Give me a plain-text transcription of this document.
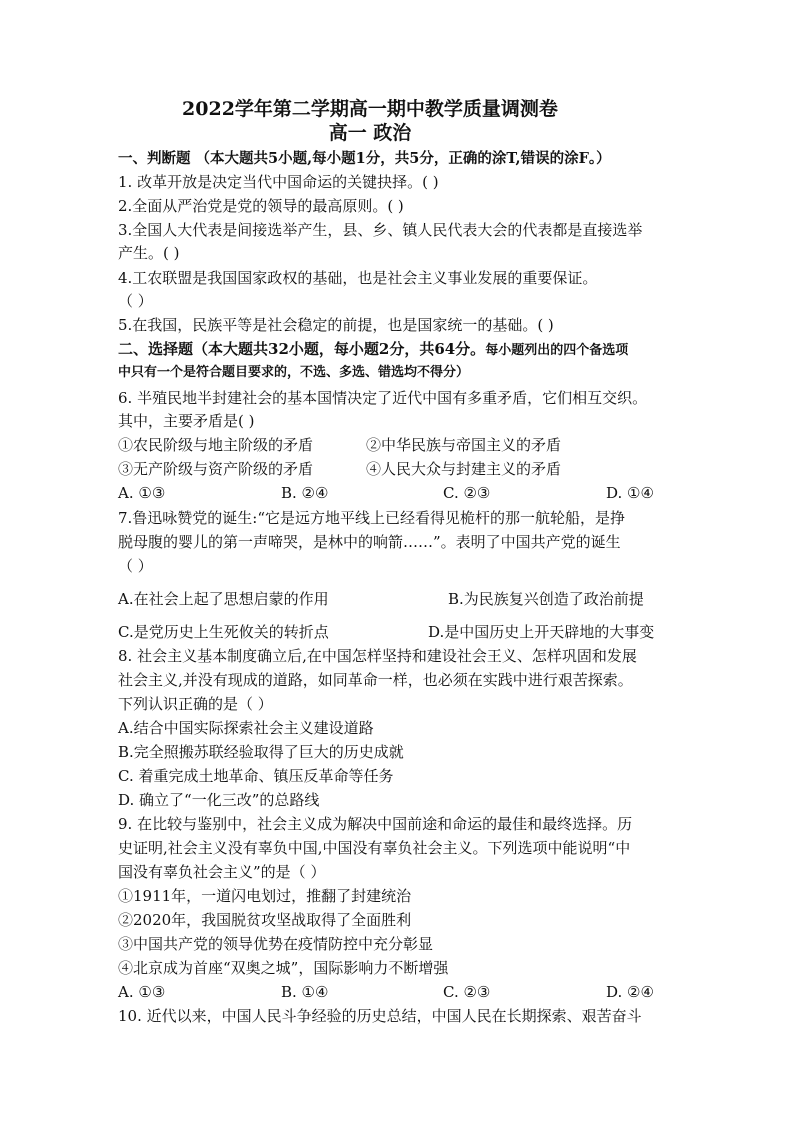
2022学年第二学期高一期中教学质量调测卷
高一 政治
一、判断题 （本大题共5小题,每小题1分，共5分，正确的涂T,错误的涂F。）
1. 改革开放是决定当代中国命运的关键抉择。( )
2.全面从严治党是党的领导的最高原则。( )
3.全国人大代表是间接选举产生，县、乡、镇人民代表大会的代表都是直接选举
产生。( )
4.工农联盟是我国国家政权的基础，也是社会主义事业发展的重要保证。
（ ）
5.在我国，民族平等是社会稳定的前提，也是国家统一的基础。( )
二、选择题（本大题共32小题，每小题2分，共64分。每小题列出的四个备选项
中只有一个是符合题目要求的，不选、多选、错选均不得分）
6. 半殖民地半封建社会的基本国情决定了近代中国有多重矛盾，它们相互交织。
其中，主要矛盾是( )
①农民阶级与地主阶级的矛盾	②中华民族与帝国主义的矛盾
③无产阶级与资产阶级的矛盾	④人民大众与封建主义的矛盾
A. ①③	B. ②④	C. ②③	D. ①④
7.鲁迅咏赞党的诞生:“它是远方地平线上已经看得见桅杆的那一航轮船，是挣
脱母腹的婴儿的第一声啼哭，是林中的响箭……”。表明了中国共产党的诞生
（ ）
A.在社会上起了思想启蒙的作用	B.为民族复兴创造了政治前提
C.是党历史上生死攸关的转折点	D.是中国历史上开天辟地的大事变
8. 社会主义基本制度确立后,在中国怎样坚持和建设社会王义、怎样巩固和发展
社会主义,并没有现成的道路，如同革命一样，也必须在实践中进行艰苦探索。
下列认识正确的是（ ）
A.结合中国实际探索社会主义建设道路
B.完全照搬苏联经验取得了巨大的历史成就
C. 着重完成土地革命、镇压反革命等任务
D. 确立了“一化三改”的总路线
9. 在比较与鉴别中，社会主义成为解决中国前途和命运的最佳和最终选择。历
史证明,社会主义没有辜负中国,中国没有辜负社会主义。下列选项中能说明“中
国没有辜负社会主义”的是（ ）
①1911年，一道闪电划过，推翻了封建统治
②2020年，我国脱贫攻坚战取得了全面胜利
③中国共产党的领导优势在疫情防控中充分彰显
④北京成为首座“双奥之城”，国际影响力不断增强
A. ①③	B. ①④	C. ②③	D. ②④
10. 近代以来，中国人民斗争经验的历史总结，中国人民在长期探索、艰苦奋斗
